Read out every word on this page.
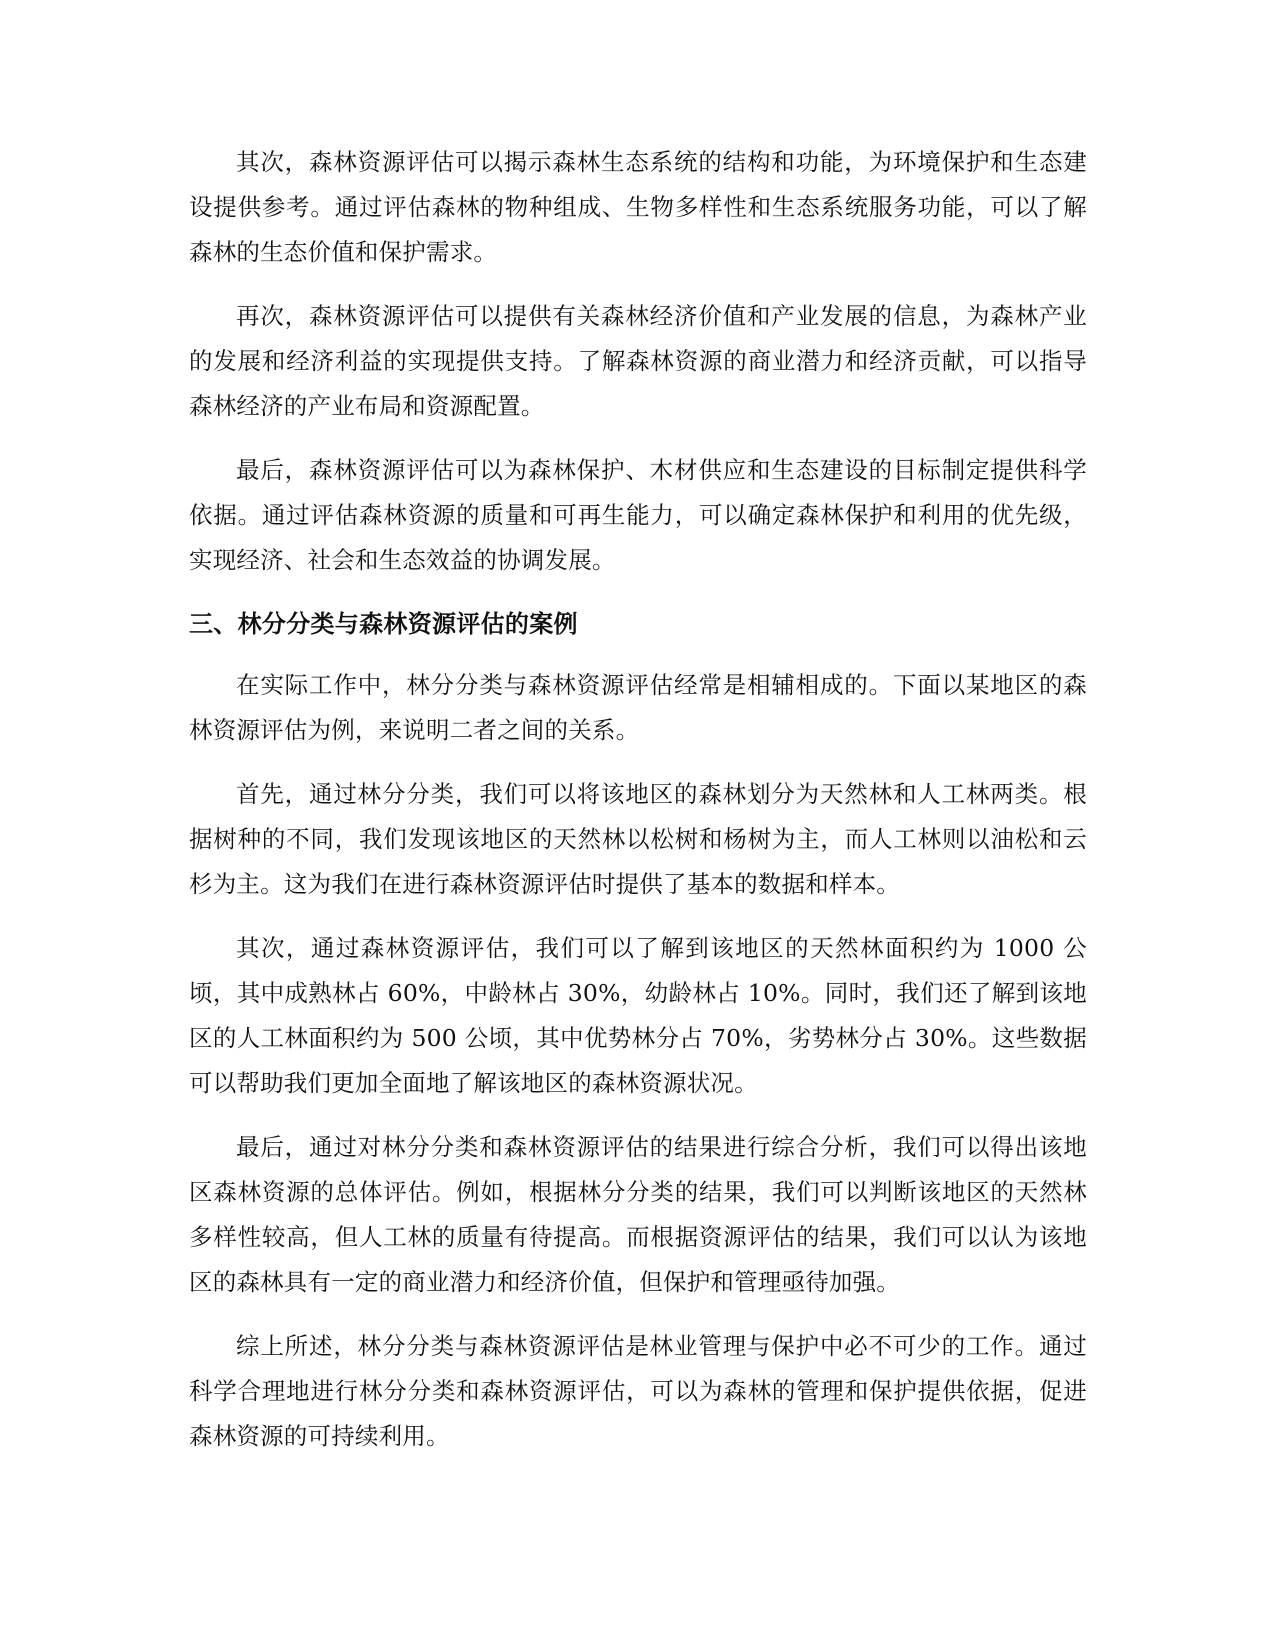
其次，森林资源评估可以揭示森林生态系统的结构和功能，为环境保护和生态建设提供参考。通过评估森林的物种组成、生物多样性和生态系统服务功能，可以了解森林的生态价值和保护需求。

再次，森林资源评估可以提供有关森林经济价值和产业发展的信息，为森林产业的发展和经济利益的实现提供支持。了解森林资源的商业潜力和经济贡献，可以指导森林经济的产业布局和资源配置。

最后，森林资源评估可以为森林保护、木材供应和生态建设的目标制定提供科学依据。通过评估森林资源的质量和可再生能力，可以确定森林保护和利用的优先级，实现经济、社会和生态效益的协调发展。

三、林分分类与森林资源评估的案例

在实际工作中，林分分类与森林资源评估经常是相辅相成的。下面以某地区的森林资源评估为例，来说明二者之间的关系。

首先，通过林分分类，我们可以将该地区的森林划分为天然林和人工林两类。根据树种的不同，我们发现该地区的天然林以松树和杨树为主，而人工林则以油松和云杉为主。这为我们在进行森林资源评估时提供了基本的数据和样本。

其次，通过森林资源评估，我们可以了解到该地区的天然林面积约为 1000 公顷，其中成熟林占 60%，中龄林占 30%，幼龄林占 10%。同时，我们还了解到该地区的人工林面积约为 500 公顷，其中优势林分占 70%，劣势林分占 30%。这些数据可以帮助我们更加全面地了解该地区的森林资源状况。

最后，通过对林分分类和森林资源评估的结果进行综合分析，我们可以得出该地区森林资源的总体评估。例如，根据林分分类的结果，我们可以判断该地区的天然林多样性较高，但人工林的质量有待提高。而根据资源评估的结果，我们可以认为该地区的森林具有一定的商业潜力和经济价值，但保护和管理亟待加强。

综上所述，林分分类与森林资源评估是林业管理与保护中必不可少的工作。通过科学合理地进行林分分类和森林资源评估，可以为森林的管理和保护提供依据，促进森林资源的可持续利用。
